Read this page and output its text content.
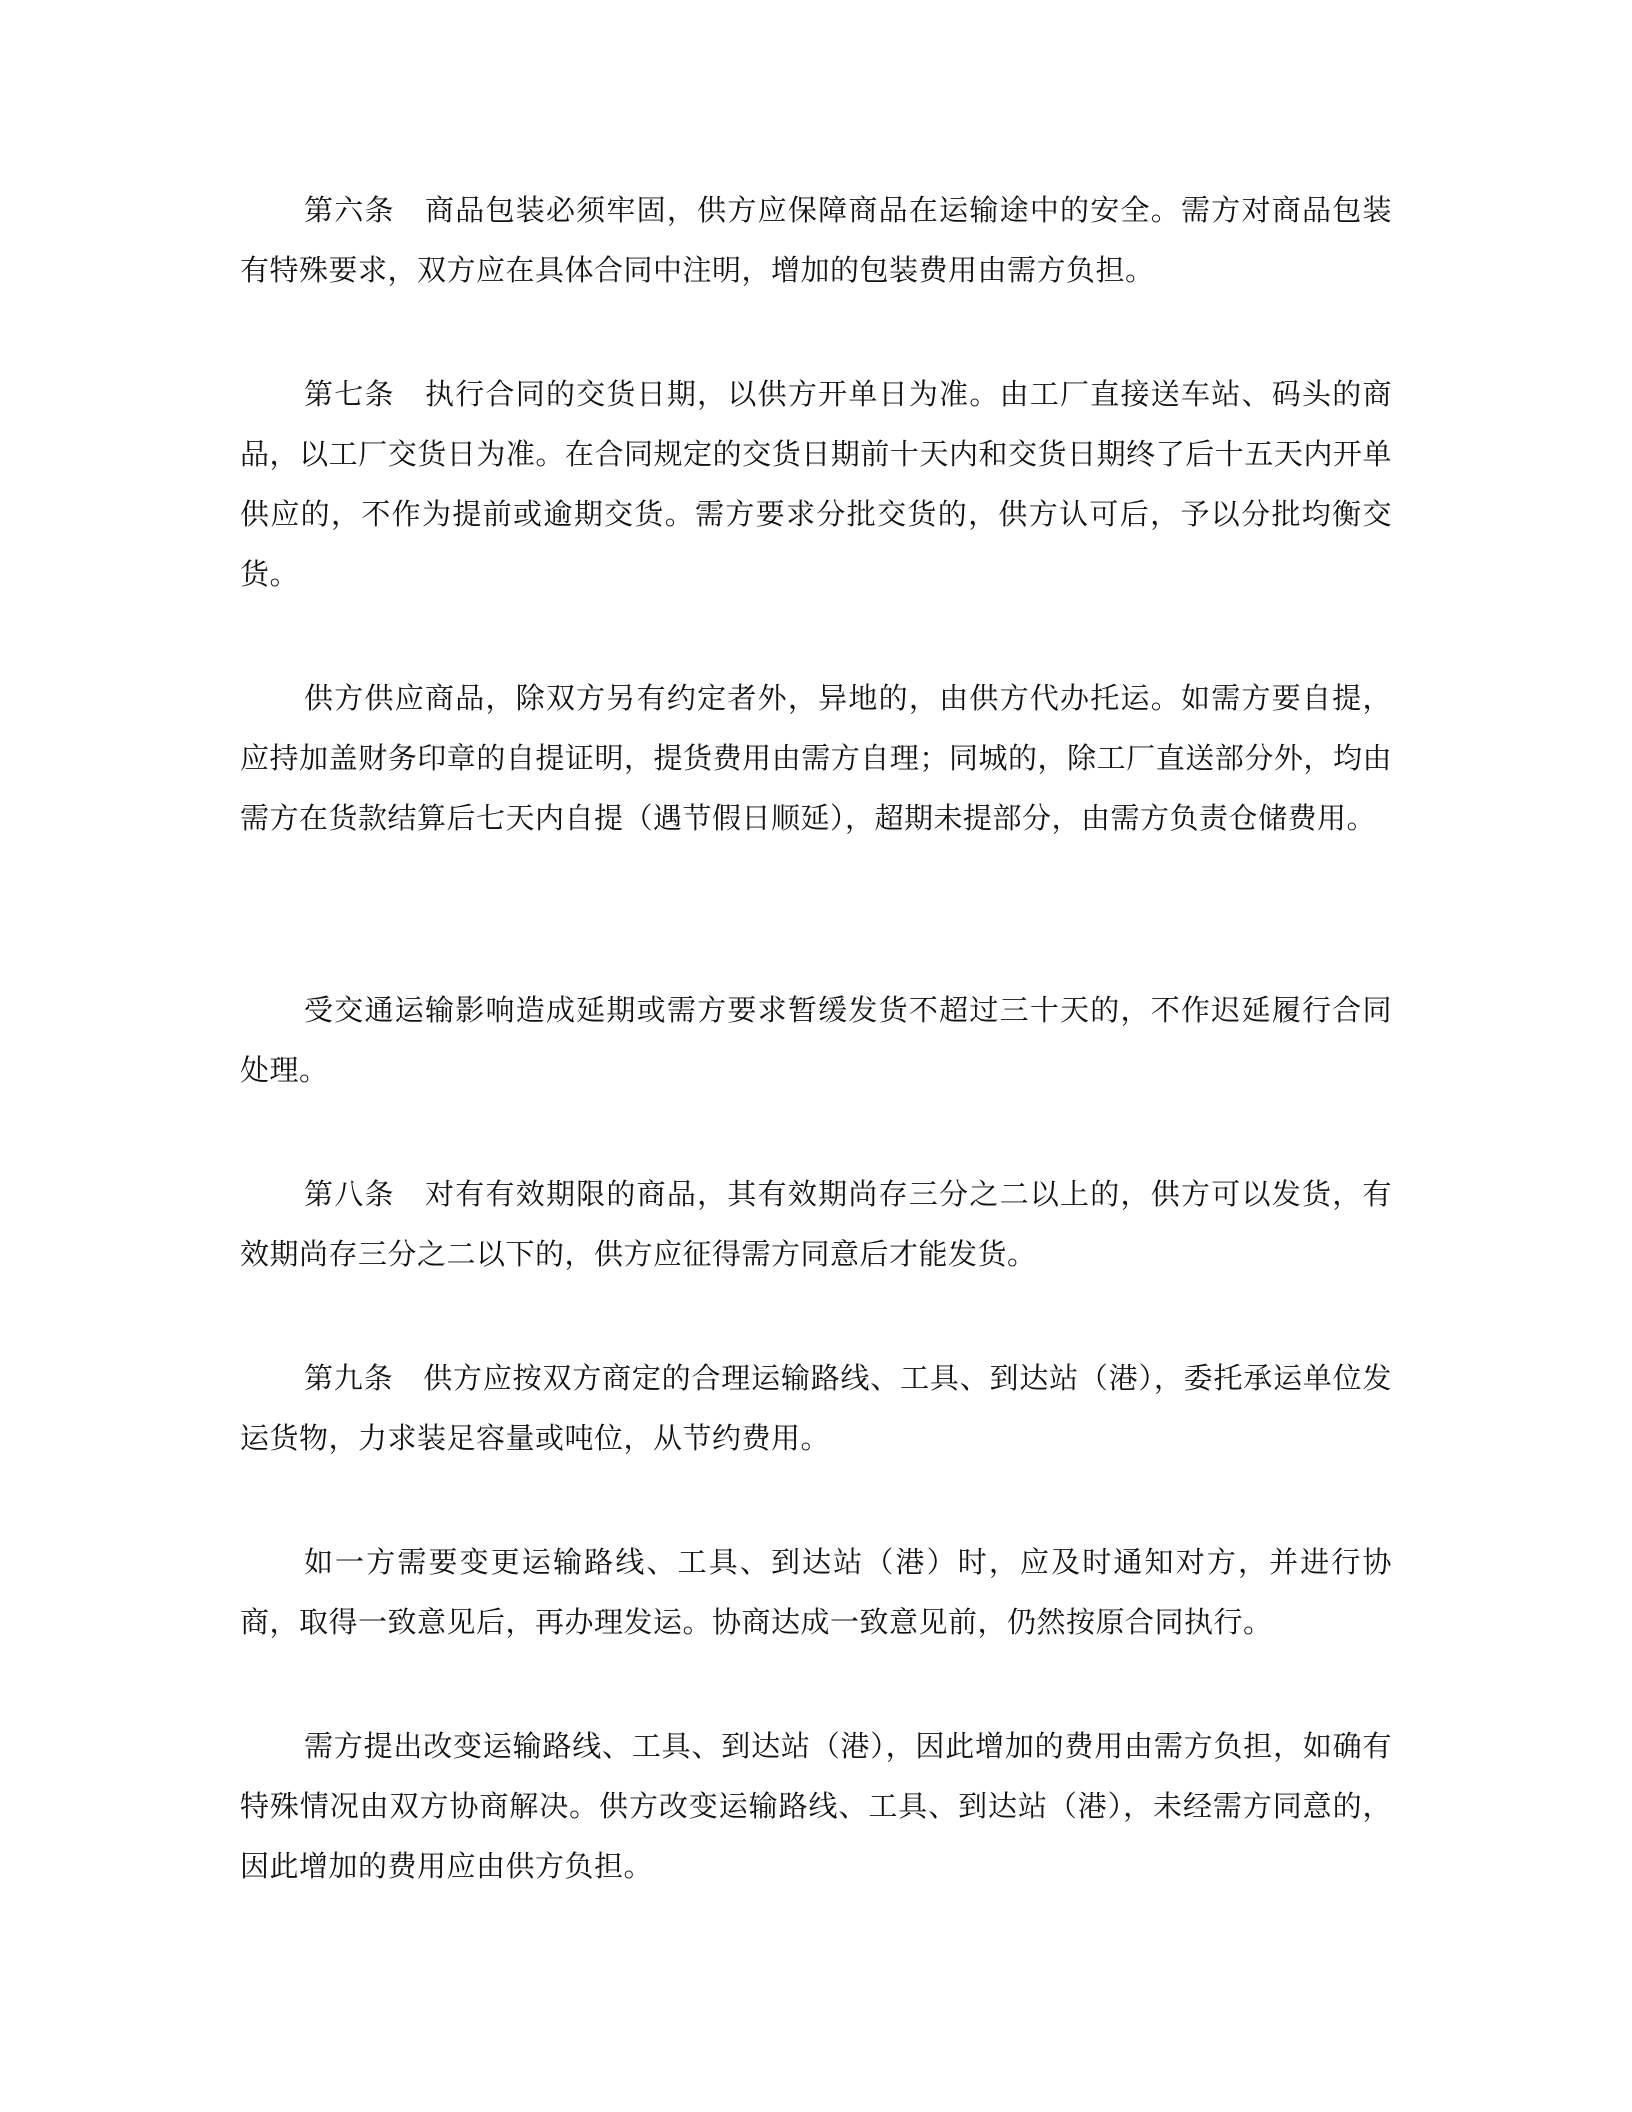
第六条　商品包装必须牢固，供方应保障商品在运输途中的安全。需方对商品包装有特殊要求，双方应在具体合同中注明，增加的包装费用由需方负担。

第七条　执行合同的交货日期，以供方开单日为准。由工厂直接送车站、码头的商品，以工厂交货日为准。在合同规定的交货日期前十天内和交货日期终了后十五天内开单供应的，不作为提前或逾期交货。需方要求分批交货的，供方认可后，予以分批均衡交货。

供方供应商品，除双方另有约定者外，异地的，由供方代办托运。如需方要自提，应持加盖财务印章的自提证明，提货费用由需方自理；同城的，除工厂直送部分外，均由需方在货款结算后七天内自提（遇节假日顺延），超期未提部分，由需方负责仓储费用。

受交通运输影响造成延期或需方要求暂缓发货不超过三十天的，不作迟延履行合同处理。

第八条　对有有效期限的商品，其有效期尚存三分之二以上的，供方可以发货，有效期尚存三分之二以下的，供方应征得需方同意后才能发货。

第九条　供方应按双方商定的合理运输路线、工具、到达站（港），委托承运单位发运货物，力求装足容量或吨位，从节约费用。

如一方需要变更运输路线、工具、到达站（港）时，应及时通知对方，并进行协商，取得一致意见后，再办理发运。协商达成一致意见前，仍然按原合同执行。

需方提出改变运输路线、工具、到达站（港），因此增加的费用由需方负担，如确有特殊情况由双方协商解决。供方改变运输路线、工具、到达站（港），未经需方同意的，因此增加的费用应由供方负担。
